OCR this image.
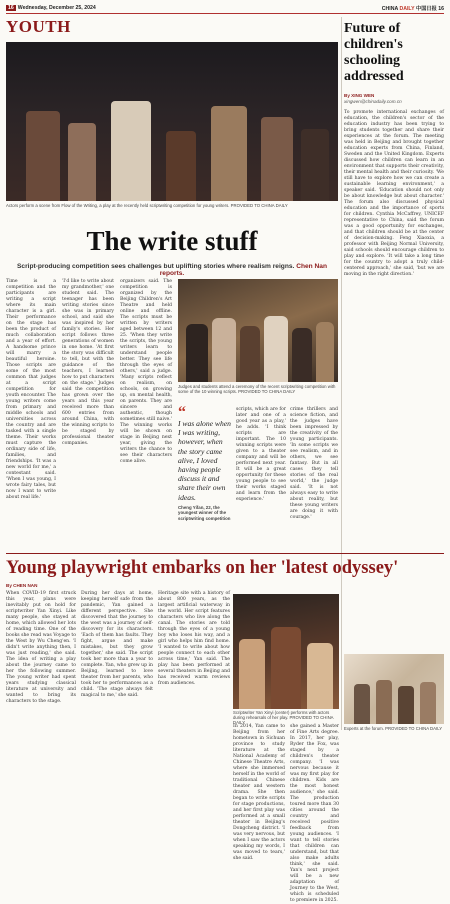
16 Wednesday, December 25, 2024	CHINA DAILY 中国日报 16
YOUTH
Actors perform a scene from Flow of the Writing, a play at the recently held scriptwriting competition for young writers. PROVIDED TO CHINA DAILY
The write stuff
Script-producing competition sees challenges but uplifting stories where realism reigns. Chen Nan reports.
Time is a competition and the participants are writing a script where its main character is a girl. Their performance on the stage has been the product of much collaboration and a year of effort. A handsome prince will marry a beautiful heroine. Those scripts are some of the most common that judges at a script competition for youth encounter. The young writers come from primary and middle schools and universities across the country and are tasked with a single theme. Their works must capture the ordinary side of life, families, and friendships. 'It was a new world for me,' a contestant said. 'When I was young, I wrote fairy tales, but now I want to write about real life.'
'I'd like to write about my grandmother,' one student said. The teenager has been writing stories since she was in primary school, and said she was inspired by her family's stories. Her script follows three generations of women in one home. 'At first the story was difficult to tell, but with the guidance of the teachers, I learned how to put characters on the stage.' Judges said the competition has grown over the years and this year received more than 600 entries from around China, with the winning scripts to be staged by professional theater companies.
organizers said. The competition is organized by the Beijing Children's Art Theatre and held online and offline. The scripts must be written by writers aged between 12 and 25. 'When they write the scripts, the young writers learn to understand people better. They see life through the eyes of others,' said a judge. 'Many scripts reflect on realism, on schools, on growing up, on mental health, on parents. They are sincere and authentic, though sometimes still naive.' The winning works will be shown on stage in Beijing next year, giving the writers the chance to see their characters come alive.
Judges and students attend a ceremony of the recent scriptwriting competition with some of the 10 winning scripts. PROVIDED TO CHINA DAILY
“
I was alone when I was writing, however, when the story came alive, I loved having people discuss it and share their own ideas.
Cheng Yifan, 22, the youngest winner of the scriptwriting competition
scripts, which are for later and one of a good year as a play,' he adds. 'I think scripts are important. The 10 winning scripts were given to a theater company and will be performed next year. It will be a great opportunity for these young people to see their works staged and learn from the experience.'
crime thrillers and science fiction, and the judges have been impressed by the creativity of the young participants. 'In some scripts we see realism, and in others, we see fantasy. But in all cases they tell stories of the real world,' the judge said. 'It is not always easy to write about reality, but these young writers are doing it with courage.'
Future of children's schooling addressed
By XING WEN
xingwen@chinadaily.com.cn
To promote international exchanges of education, the children's sector of the education industry has been trying to bring students together and share their experiences at the forum. The meeting was held in Beijing and brought together education experts from China, Finland, Sweden and the United Kingdom. Experts discussed how children can learn in an environment that supports their creativity, their mental health and their curiosity. 'We still have to explore how we can create a sustainable learning environment,' a speaker said. 'Education should not only be about knowledge but about character.' The forum also discussed physical education and the importance of sports for children. Cynthia McCaffrey, UNICEF representative to China, said the forum was a good opportunity for exchanges, and that children should be at the center of decision-making. Feng Xiaoxia, a professor with Beijing Normal University, said schools should encourage children to play and explore. 'It will take a long time for the country to adopt a truly child-centered approach,' she said, 'but we are moving in the right direction.'
Experts at the forum. PROVIDED TO CHINA DAILY
Young playwright embarks on her 'latest odyssey'
By CHEN NAN
When COVID-19 first struck this year, plans were inevitably put on hold for scriptwriter Yan Xinyi. Like many people, she stayed at home, which allowed her lots of reading time. One of the books she read was Voyage to the West by Wu Cheng'en. 'I didn't write anything then, I was just reading,' she said. The idea of writing a play about the journey came to her the following summer. The young writer had spent years studying classical literature at university and wanted to bring its characters to the stage.
During her days at home, keeping herself safe from the pandemic, Yan gained a different perspective. She discovered that the journey to the west was a journey of self-discovery for its characters. 'Each of them has faults. They fight, argue and make mistakes, but they grow together,' she said. The script took her more than a year to complete. Yan, who grew up in Beijing, learned to love theater from her parents, who took her to performances as a child. 'The stage always felt magical to me,' she said.
Heritage site with a history of about 800 years, as the largest artificial waterway in the world. Her script features characters who live along the canal. The stories are told through the eyes of a young boy who loses his way, and a girl who helps him find home. 'I wanted to write about how people connect to each other across time,' Yan said. The play has been performed at several theaters in Beijing and has received warm reviews from audiences.
Scriptwriter Yan Xinyi (center) performs with actors during rehearsals of her play. PROVIDED TO CHINA DAILY
In 2014, Yan came to Beijing from her hometown in Sichuan province to study literature at the National Academy of Chinese Theatre Arts, where she immersed herself in the world of traditional Chinese theater and western drama. She then began to write scripts for stage productions, and her first play was performed at a small theater in Beijing's Dongcheng district. 'I was very nervous, but when I saw the actors speaking my words, I was moved to tears,' she said.
she gained a Master of Fine Arts degree. In 2017, her play, Ryder the Fox, was staged by a children's theater company. 'I was nervous because it was my first play for children. Kids are the most honest audience,' she said. The production toured more than 30 cities around the country and received positive feedback from young audiences. 'I want to tell stories that children can understand, but that also make adults think,' she said. Yan's next project will be a new adaptation of Journey to the West, which is scheduled to premiere in 2025.
